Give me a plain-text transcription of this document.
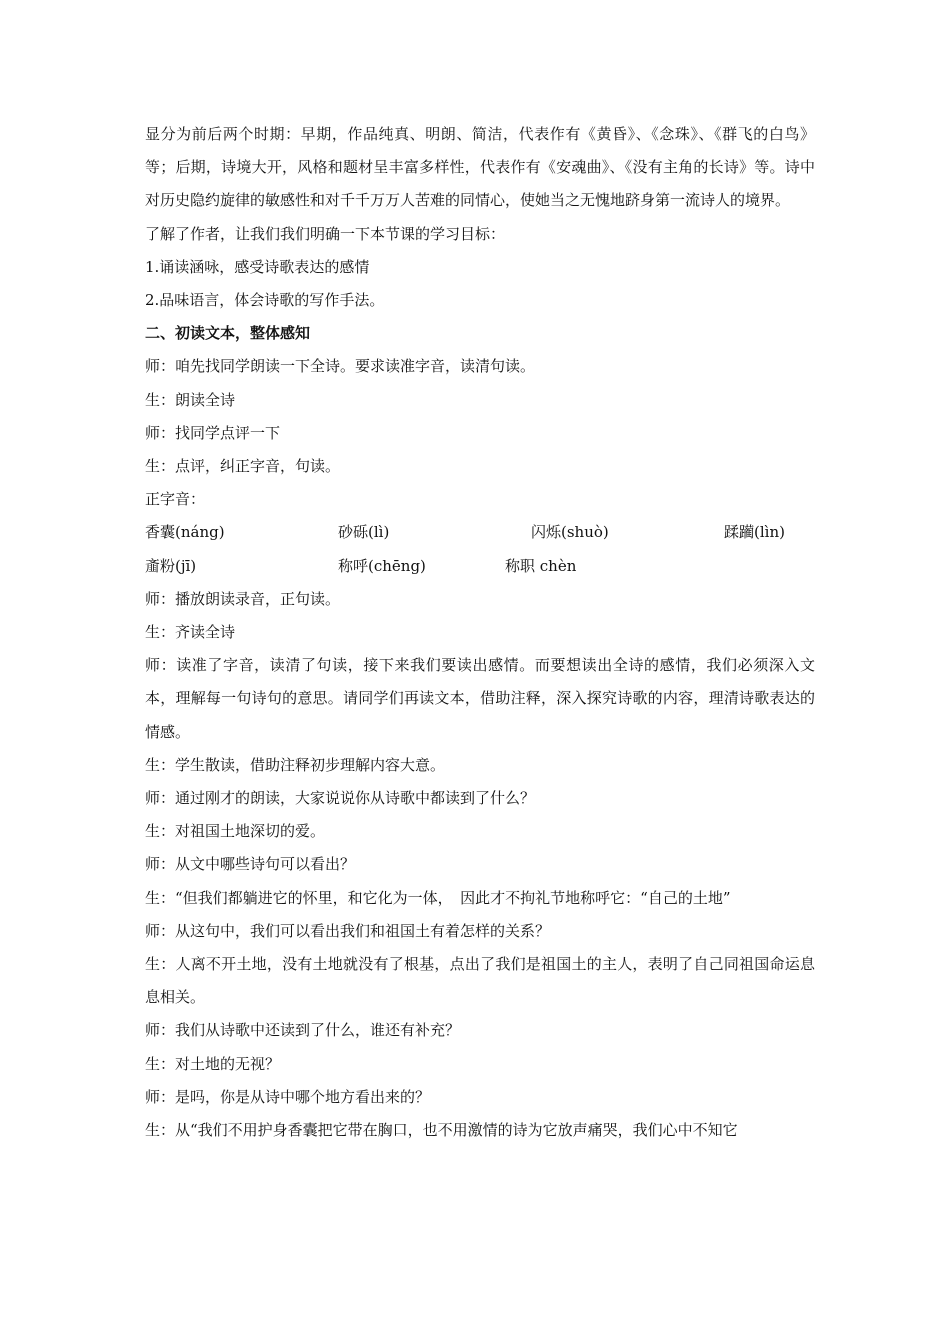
显分为前后两个时期：早期，作品纯真、明朗、简洁，代表作有《黄昏》、《念珠》、《群飞的白鸟》等；后期，诗境大开，风格和题材呈丰富多样性，代表作有《安魂曲》、《没有主角的长诗》等。诗中对历史隐约旋律的敏感性和对千千万万人苦难的同情心，使她当之无愧地跻身第一流诗人的境界。

了解了作者，让我们我们明确一下本节课的学习目标：

1.诵读涵咏，感受诗歌表达的感情

2.品味语言，体会诗歌的写作手法。

二、初读文本，整体感知

师：咱先找同学朗读一下全诗。要求读准字音，读清句读。

生：朗读全诗

师：找同学点评一下

生：点评，纠正字音，句读。

正字音：

香囊(náng)	砂砾(lì)	闪烁(shuò)	蹂躏(lìn)
齑粉(jī)	称呼(chēng)	称职 chèn

师：播放朗读录音，正句读。

生：齐读全诗

师：读准了字音，读清了句读，接下来我们要读出感情。而要想读出全诗的感情，我们必须深入文本，理解每一句诗句的意思。请同学们再读文本，借助注释，深入探究诗歌的内容，理清诗歌表达的情感。

生：学生散读，借助注释初步理解内容大意。

师：通过刚才的朗读，大家说说你从诗歌中都读到了什么？

生：对祖国土地深切的爱。

师：从文中哪些诗句可以看出？

生：“但我们都躺进它的怀里，和它化为一体，　因此才不拘礼节地称呼它：“自己的土地”

师：从这句中，我们可以看出我们和祖国土有着怎样的关系？

生：人离不开土地，没有土地就没有了根基，点出了我们是祖国土的主人，表明了自己同祖国命运息息相关。

师：我们从诗歌中还读到了什么，谁还有补充？

生：对土地的无视？

师：是吗，你是从诗中哪个地方看出来的？

生：从“我们不用护身香囊把它带在胸口，也不用激情的诗为它放声痛哭，我们心中不知它
